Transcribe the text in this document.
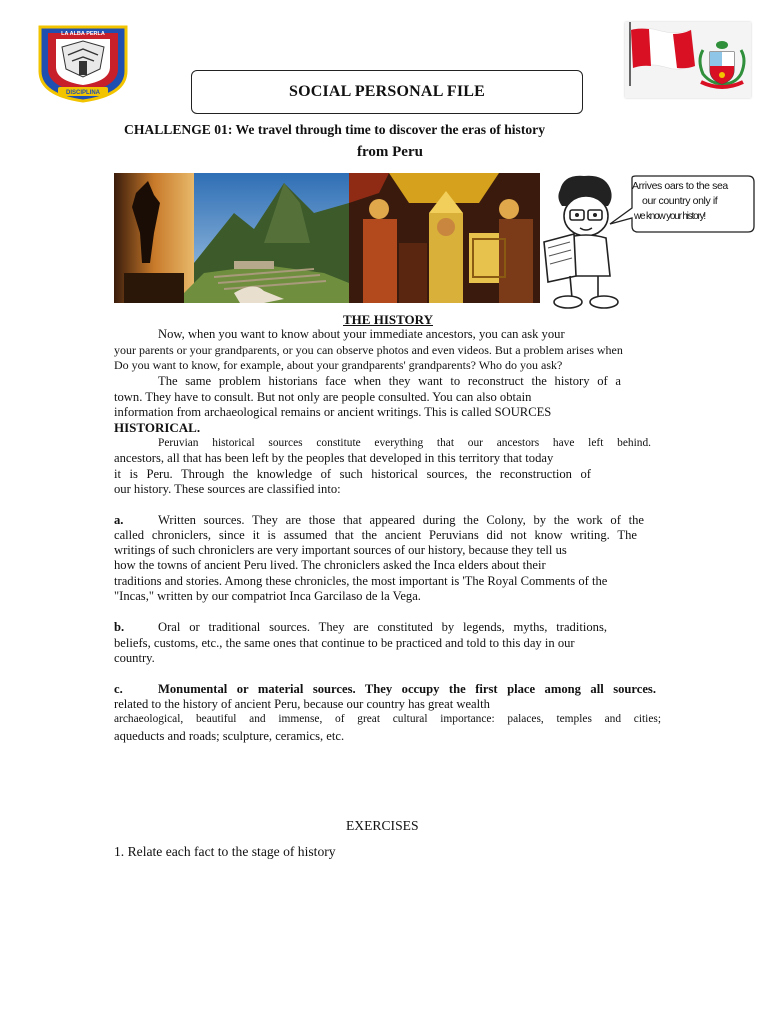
LA ALBA PERLA
DISCIPLINA	SOCIAL PERSONAL FILE
CHALLENGE 01: We travel through time to discover the eras of history
from Peru
Arrives oars to the sea
our country only if
we know your history!
THE HISTORY
Now, when you want to know about your immediate ancestors, you can ask your
your parents or your grandparents, or you can observe photos and even videos. But a problem arises when
Do you want to know, for example, about your grandparents' grandparents? Who do you ask?
The same problem historians face when they want to reconstruct the history of a
town. They have to consult. But not only are people consulted. You can also obtain
information from archaeological remains or ancient writings. This is called SOURCES
HISTORICAL.
Peruvian historical sources constitute everything that our ancestors have left behind.
ancestors, all that has been left by the peoples that developed in this territory that today
it is Peru. Through the knowledge of such historical sources, the reconstruction of
our history. These sources are classified into:
a.	Written sources. They are those that appeared during the Colony, by the work of the
called chroniclers, since it is assumed that the ancient Peruvians did not know writing. The
writings of such chroniclers are very important sources of our history, because they tell us
how the towns of ancient Peru lived. The chroniclers asked the Inca elders about their
traditions and stories. Among these chronicles, the most important is 'The Royal Comments of the
"Incas," written by our compatriot Inca Garcilaso de la Vega.
b.	Oral or traditional sources. They are constituted by legends, myths, traditions,
beliefs, customs, etc., the same ones that continue to be practiced and told to this day in our
country.
c.	Monumental or material sources. They occupy the first place among all sources.
related to the history of ancient Peru, because our country has great wealth
archaeological, beautiful and immense, of great cultural importance: palaces, temples and cities;
aqueducts and roads; sculpture, ceramics, etc.
EXERCISES
1. Relate each fact to the stage of history
